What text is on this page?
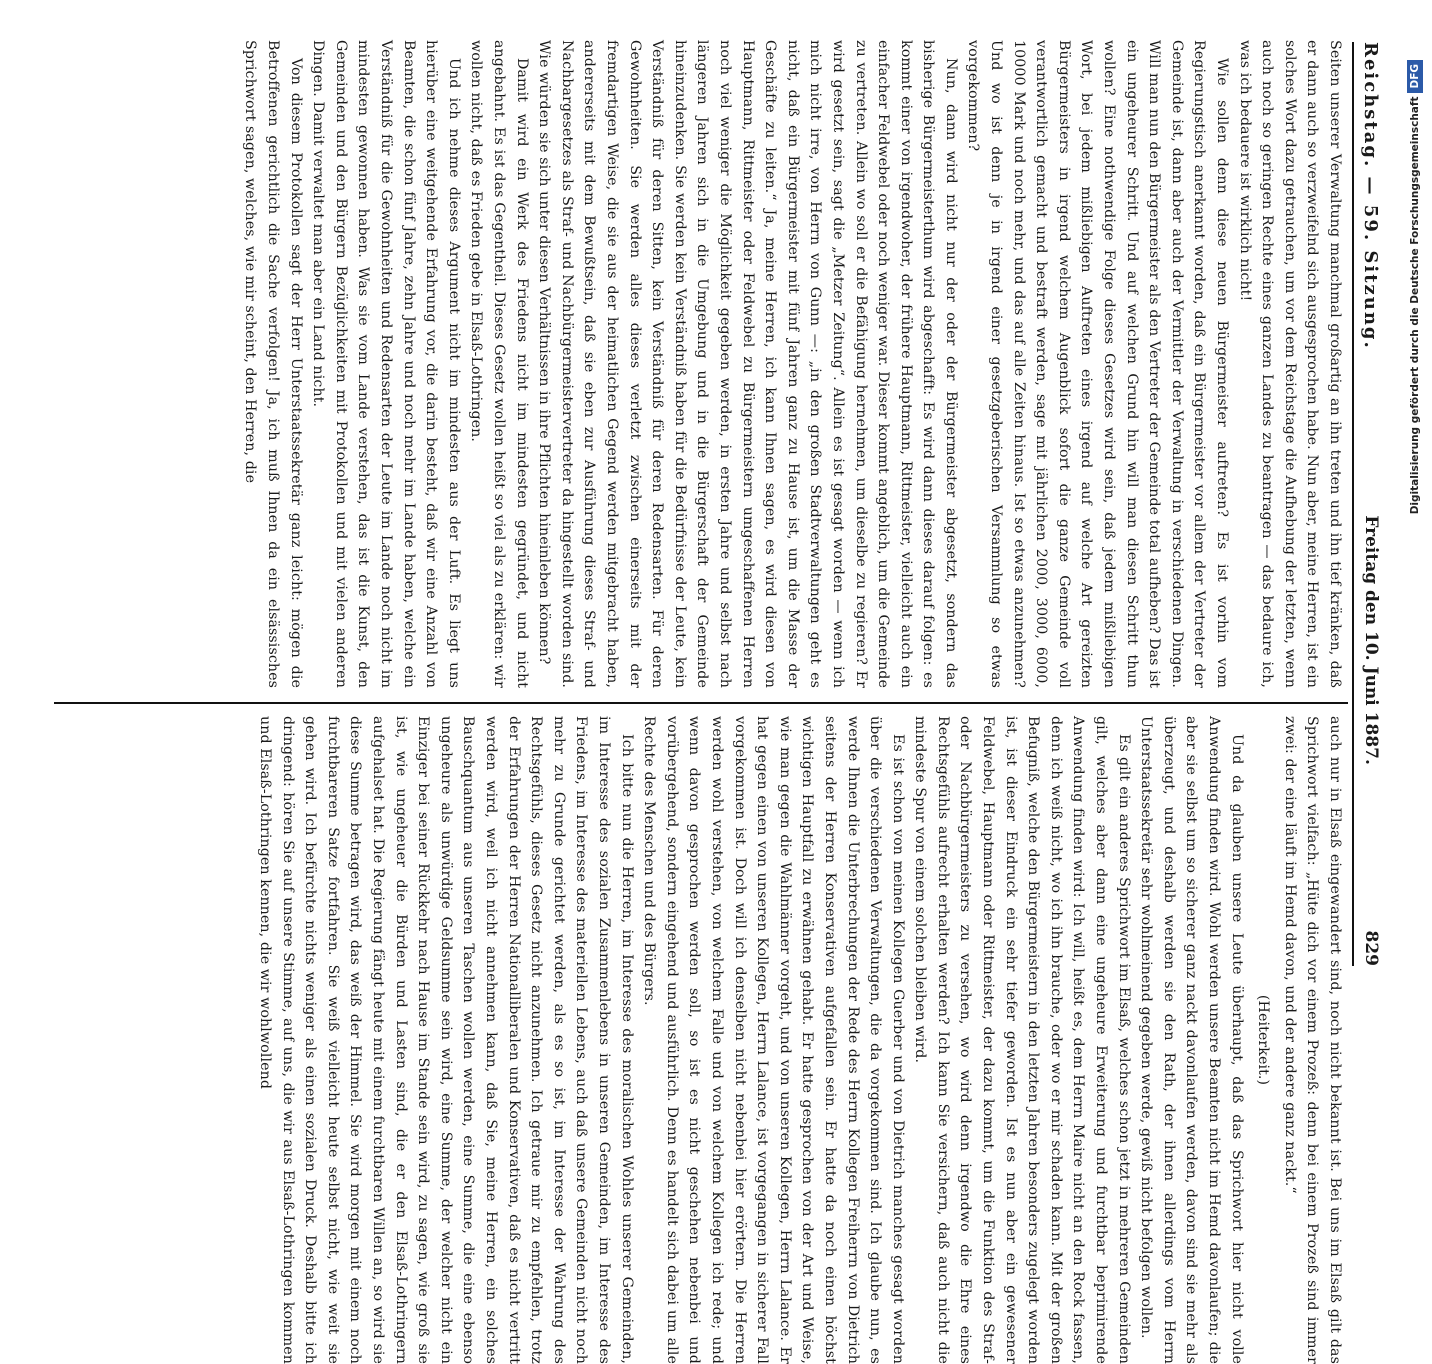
Reichstag. — 59. Sitzung.
Freitag den 10. Juni 1887.
829

Seiten unserer Verwaltung manchmal großartig an ihn treten und ihn tief kränken, daß er dann auch so verzweifelnd sich ausgesprochen habe. Nun aber, meine Herren, ist ein solches Wort dazu getrauchen, um vor dem Reichstage die Aufhebung der letzten, wenn auch noch so geringen Rechte eines ganzen Landes zu beantragen — das bedaure ich, was ich bedauere ist wirklich nicht!

Wie sollen denn diese neuen Bürgermeister auftreten? Es ist vorhin vom Regierungstisch anerkannt worden, daß ein Bürgermeister vor allem der Vertreter der Gemeinde ist, dann aber auch der Vermittler der Verwaltung in verschiedenen Dingen. Will man nun den Bürgermeister als den Vertreter der Gemeinde total aufheben? Das ist ein ungeheurer Schritt. Und auf welchen Grund hin will man diesen Schritt thun wollen? Eine nothwendige Folge dieses Gesetzes wird sein, daß jedem mißliebigen Wort, bei jedem mißliebigen Auftreten eines irgend auf welche Art gereizten Bürgermeisters in irgend welchem Augenblick sofort die ganze Gemeinde voll verantwortlich gemacht und bestraft werden, sage mit jährlichen 2000, 3000, 6000, 10000 Mark und noch mehr, und das auf alle Zeiten hinaus. Ist so etwas anzunehmen? Und wo ist denn je in irgend einer gesetzgeberischen Versammlung so etwas vorgekommen?

Nun, dann wird nicht nur der oder der Bürgermeister abgesetzt, sondern das bisherige Bürgermeisterthum wird abgeschafft: Es wird dann dieses darauf folgen: es kommt einer von irgendwoher, der frühere Hauptmann, Rittmeister, vielleicht auch ein einfacher Feldwebel oder noch weniger war. Dieser kommt angeblich, um die Gemeinde zu vertreten. Allein wo soll er die Befähigung hernehmen, um dieselbe zu regieren? Er wird gesetzt sein, sagt die „Metzer Zeitung“. Allein es ist gesagt worden — wenn ich mich nicht irre, von Herrn von Gunn —: „in den großen Stadtverwaltungen geht es nicht, daß ein Bürgermeister mit fünf Jahren ganz zu Hause ist, um die Masse der Geschäfte zu leiten.“ Ja, meine Herren, ich kann Ihnen sagen, es wird diesen von Hauptmann, Rittmeister oder Feldwebel zu Bürgermeistern umgeschaffenen Herren noch viel weniger die Möglichkeit gegeben werden, in ersten Jahre und selbst nach längeren Jahren sich in die Umgebung und in die Bürgerschaft der Gemeinde hineinzudenken. Sie werden kein Verständniß haben für die Bedürfnisse der Leute, kein Verständniß für deren Sitten, kein Verständniß für deren Redensarten. Für deren Gewohnheiten. Sie werden alles dieses verletzt zwischen einerseits mit der fremdartigen Weise, die sie aus der heimatlichen Gegend werden mitgebracht haben, andererseits mit dem Bewußtsein, daß sie eben zur Ausführung dieses Straf- und Nachbargesetzes als Straf- und Nachbürgermeistervertreter da hingestellt worden sind. Wie würden sie sich unter diesen Verhältnissen in ihre Pflichten hineinleben können?

Damit wird ein Werk des Friedens nicht im mindesten gegründet, und nicht angebahnt. Es ist das Gegentheil. Dieses Gesetz wollen heißt so viel als zu erklären: wir wollen nicht, daß es Frieden gebe in Elsaß-Lothringen.

Und ich nehme dieses Argument nicht im mindesten aus der Luft. Es liegt uns hierüber eine weitgehende Erfahrung vor, die darin besteht, daß wir eine Anzahl von Beamten, die schon fünf Jahre, zehn Jahre und noch mehr im Lande haben, welche ein Verständniß für die Gewohnheiten und Redensarten der Leute im Lande noch nicht im mindesten gewonnen haben. Was sie vom Lande verstehen, das ist die Kunst, den Gemeinden und den Bürgern Bezüglichkeiten mit Protokollen und mit vielen anderen Dingen. Damit verwaltet man aber ein Land nicht.

Von diesem Protokollen sagt der Herr Unterstaatssekretär ganz leicht: mögen die Betroffenen gerichtlich die Sache verfolgen! Ja, ich muß Ihnen da ein elsässisches Sprichwort sagen, welches, wie mir scheint, den Herren, die

auch nur in Elsaß eingewandert sind, noch nicht bekannt ist. Bei uns im Elsaß gilt das Sprichwort vielfach: „Hüte dich vor einem Prozeß: denn bei einem Prozeß sind immer zwei: der eine läuft im Hemd davon, und der andere ganz nackt.“

(Heiterkeit.)

Und da glauben unsere Leute überhaupt, daß das Sprichwort hier nicht volle Anwendung finden wird. Wohl werden unsere Beamten nicht im Hemd davonlaufen; die aber sie selbst um so sicherer ganz nackt davonlaufen werden, davon sind sie mehr als überzeugt, und deshalb werden sie den Rath, der ihnen allerdings vom Herrn Unterstaatssekretär sehr wohlmeinend gegeben werde, gewiß nicht befolgen wollen.

Es gilt ein anderes Sprichwort im Elsaß, welches schon jetzt in mehreren Gemeinden gilt, welches aber dann eine ungeheure Erweiterung und furchtbar beprimirende Anwendung finden wird: Ich will, heißt es, dem Herrn Maire nicht an den Rock fassen, denn ich weiß nicht, wo ich ihn brauche, oder wo er mir schaden kann. Mit der großen Befugniß, welche den Bürgermeistern in den letzten Jahren besonders zugelegt worden ist, ist dieser Eindruck ein sehr tiefer geworden. Ist es nun aber ein gewesener Feldwebel, Hauptmann oder Rittmeister, der dazu kommt, um die Funktion des Straf- oder Nachbürgermeisters zu versehen, wo wird denn irgendwo die Ehre eines Rechtsgefühls aufrecht erhalten werden? Ich kann Sie versichern, daß auch nicht die mindeste Spur von einem solchen bleiben wird.

Es ist schon von meinen Kollegen Guerber und von Dietrich manches gesagt worden über die verschiedenen Verwaltungen, die da vorgekommen sind. Ich glaube nun, es werde Ihnen die Unterbrechungen der Rede des Herrn Kollegen Freiherrn von Dietrich seitens der Herren Konservativen aufgefallen sein. Er hatte da noch einen höchst wichtigen Hauptfall zu erwähnen gehabt. Er hatte gesprochen von der Art und Weise, wie man gegen die Wahlmänner vorgeht, und von unseren Kollegen, Herrn Lalance. Er hat gegen einen von unseren Kollegen, Herrn Lalance, ist vorgegangen in sicherer Fall vorgekommen ist. Doch will ich denselben nicht nebenbei hier erörtern. Die Herren werden wohl verstehen, von welchem Falle und von welchem Kollegen ich rede; und wenn davon gesprochen werden soll, so ist es nicht geschehen nebenbei und vorübergehend, sondern eingehend und ausführlich. Denn es handelt sich dabei um alle Rechte des Menschen und des Bürgers.

Ich bitte nun die Herren, im Interesse des moralischen Wohles unserer Gemeinden, im Interesse des sozialen Zusammenlebens in unseren Gemeinden, im Interesse des Friedens, im Interesse des materiellen Lebens, auch daß unsere Gemeinden nicht noch mehr zu Grunde gerichtet werden, als es so ist, im Interesse der Wahrung des Rechtsgefühls, dieses Gesetz nicht anzunehmen. Ich getraue mir zu empfehlen, trotz der Erfahrungen der Herren Nationalliberalen und Konservativen, daß es nicht vertritt werden wird, weil ich nicht annehmen kann, daß Sie, meine Herren, ein solches Bauschquantum aus unseren Taschen wollen werden, eine Summe, die eine ebenso ungeheure als unwürdige Geldsumme sein wird, eine Summe, der welcher nicht ein Einziger bei seiner Rückkehr nach Hause im Stande sein wird, zu sagen, wie groß sie ist, wie ungeheuer die Bürden und Lasten sind, die er den Elsaß-Lothringern aufgehalset hat. Die Regierung fängt heute mit einem furchtbaren Willen an, so wird sie diese Summe betragen wird, das weiß der Himmel. Sie wird morgen mit einem noch furchtbareren Satze fortfahren. Sie weiß vielleicht heute selbst nicht, wie weit sie gehen wird. Ich befürchte nichts weniger als einen sozialen Druck. Deshalb bitte ich dringend: hören Sie auf unsere Stimme, auf uns, die wir aus Elsaß-Lothringen kommen und Elsaß-Lothringen kennen, die wir wohlwollend

Digitalisierung gefördert durch die Deutsche ForschungsgemeinschaftDFG
